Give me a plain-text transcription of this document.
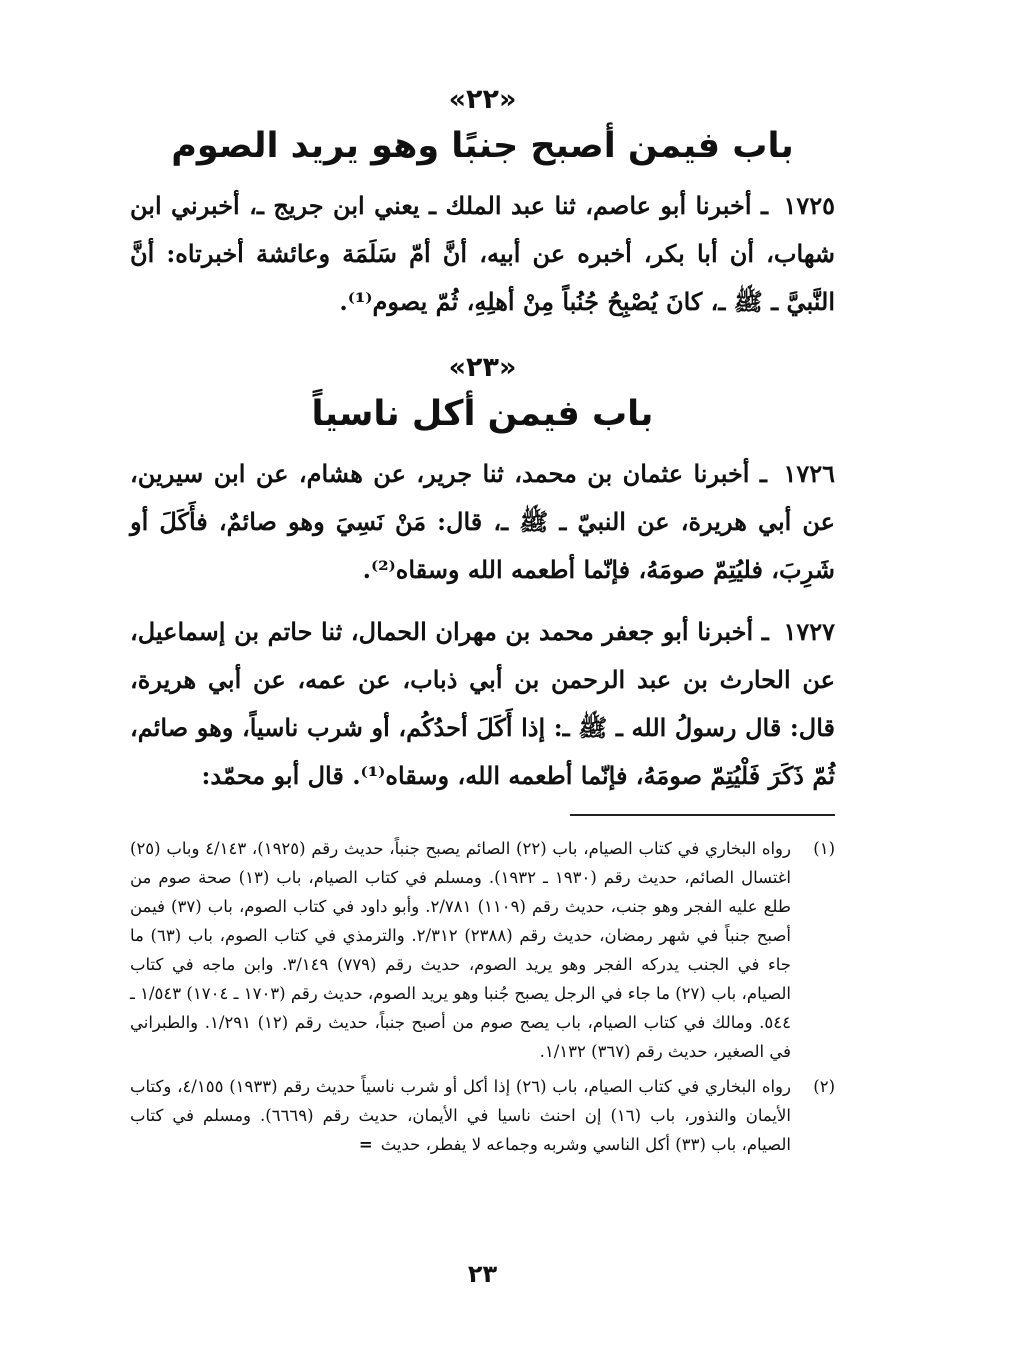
«٢٢»
باب فيمن أصبح جنبًا وهو يريد الصوم

١٧٢٥ ـ أخبرنا أبو عاصم، ثنا عبد الملك ـ يعني ابن جريج ـ، أخبرني ابن شهاب، أن أبا بكر، أخبره عن أبيه، أنَّ أمّ سَلَمَة وعائشة أخبرتاه: أنَّ النَّبيَّ ـ ﷺ ـ، كانَ يُصْبِحُ جُنُباً مِنْ أهلِهِ، ثُمّ يصوم⁽¹⁾.

«٢٣»
باب فيمن أكل ناسياً

١٧٢٦ ـ أخبرنا عثمان بن محمد، ثنا جرير، عن هشام، عن ابن سيرين، عن أبي هريرة، عن النبيّ ـ ﷺ ـ، قال: مَنْ نَسِيَ وهو صائمٌ، فأَكَلَ أو شَرِبَ، فليُتِمّ صومَهُ، فإنّما أطعمه الله وسقاه⁽²⁾.

١٧٢٧ ـ أخبرنا أبو جعفر محمد بن مهران الحمال، ثنا حاتم بن إسماعيل، عن الحارث بن عبد الرحمن بن أبي ذباب، عن عمه، عن أبي هريرة، قال: قال رسولُ الله ـ ﷺ ـ: إذا أَكَلَ أحدُكُم، أو شرب ناسياً، وهو صائم، ثُمّ ذَكَرَ فَلْيُتِمّ صومَهُ، فإنّما أطعمه الله، وسقاه⁽¹⁾. قال أبو محمّد:

(١)
رواه البخاري في كتاب الصيام، باب (٢٢) الصائم يصبح جنباً، حديث رقم (١٩٢٥)، ٤/١٤٣ وباب (٢٥) اغتسال الصائم، حديث رقم (١٩٣٠ ـ ١٩٣٢). ومسلم في كتاب الصيام، باب (١٣) صحة صوم من طلع عليه الفجر وهو جنب، حديث رقم (١١٠٩) ٢/٧٨١. وأبو داود في كتاب الصوم، باب (٣٧) فيمن أصبح جنباً في شهر رمضان، حديث رقم (٢٣٨٨) ٢/٣١٢. والترمذي في كتاب الصوم، باب (٦٣) ما جاء في الجنب يدركه الفجر وهو يريد الصوم، حديث رقم (٧٧٩) ٣/١٤٩. وابن ماجه في كتاب الصيام، باب (٢٧) ما جاء في الرجل يصبح جُنبا وهو يريد الصوم، حديث رقم (١٧٠٣ ـ ١٧٠٤) ١/٥٤٣ ـ ٥٤٤. ومالك في كتاب الصيام، باب يصح صوم من أصبح جنباً، حديث رقم (١٢) ١/٢٩١. والطبراني في الصغير، حديث رقم (٣٦٧) ١/١٣٢.
(٢)
رواه البخاري في كتاب الصيام، باب (٢٦) إذا أكل أو شرب ناسياً حديث رقم (١٩٣٣) ٤/١٥٥، وكتاب الأيمان والنذور، باب (١٦) إن احنث ناسيا في الأيمان، حديث رقم (٦٦٦٩). ومسلم في كتاب الصيام، باب (٣٣) أكل الناسي وشربه وجماعه لا يفطر، حديث=
٢٣
